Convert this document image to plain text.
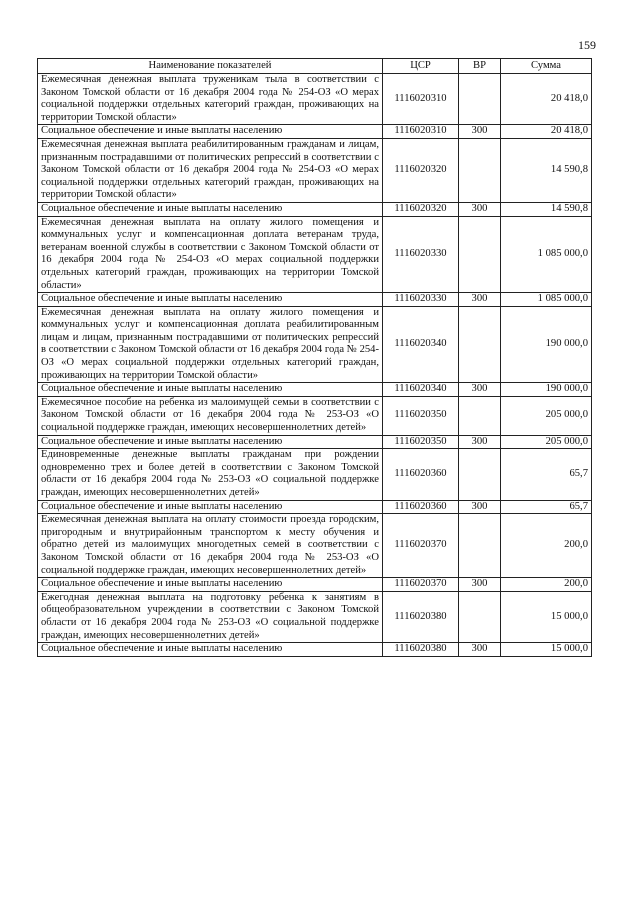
159
Наименование показателей	ЦСР	ВР	Сумма
Ежемесячная денежная выплата труженикам тыла в соответствии с Законом Томской области от 16 декабря 2004 года № 254-ОЗ «О мерах социальной поддержки отдельных категорий граждан, проживающих на территории Томской области»	1116020310		20 418,0
Социальное обеспечение и иные выплаты населению	1116020310	300	20 418,0
Ежемесячная денежная выплата реабилитированным гражданам и лицам, признанным пострадавшими от политических репрессий в соответствии с Законом Томской области от 16 декабря 2004 года № 254-ОЗ «О мерах социальной поддержки отдельных категорий граждан, проживающих на территории Томской области»	1116020320		14 590,8
Социальное обеспечение и иные выплаты населению	1116020320	300	14 590,8
Ежемесячная денежная выплата на оплату жилого помещения и коммунальных услуг и компенсационная доплата ветеранам труда, ветеранам военной службы в соответствии с Законом Томской области от 16 декабря 2004 года № 254-ОЗ «О мерах социальной поддержки отдельных категорий граждан, проживающих на территории Томской области»	1116020330		1 085 000,0
Социальное обеспечение и иные выплаты населению	1116020330	300	1 085 000,0
Ежемесячная денежная выплата на оплату жилого помещения и коммунальных услуг и компенсационная доплата реабилитированным лицам и лицам, признанным пострадавшими от политических репрессий в соответствии с Законом Томской области от 16 декабря 2004 года № 254-ОЗ «О мерах социальной поддержки отдельных категорий граждан, проживающих на территории Томской области»	1116020340		190 000,0
Социальное обеспечение и иные выплаты населению	1116020340	300	190 000,0
Ежемесячное пособие на ребенка из малоимущей семьи в соответствии с Законом Томской области от 16 декабря 2004 года № 253-ОЗ «О социальной поддержке граждан, имеющих несовершеннолетних детей»	1116020350		205 000,0
Социальное обеспечение и иные выплаты населению	1116020350	300	205 000,0
Единовременные денежные выплаты гражданам при рождении одновременно трех и более детей в соответствии с Законом Томской области от 16 декабря 2004 года № 253-ОЗ «О социальной поддержке граждан, имеющих несовершеннолетних детей»	1116020360		65,7
Социальное обеспечение и иные выплаты населению	1116020360	300	65,7
Ежемесячная денежная выплата на оплату стоимости проезда городским, пригородным и внутрирайонным транспортом к месту обучения и обратно детей из малоимущих многодетных семей в соответствии с Законом Томской области от 16 декабря 2004 года № 253-ОЗ «О социальной поддержке граждан, имеющих несовершеннолетних детей»	1116020370		200,0
Социальное обеспечение и иные выплаты населению	1116020370	300	200,0
Ежегодная денежная выплата на подготовку ребенка к занятиям в общеобразовательном учреждении в соответствии с Законом Томской области от 16 декабря 2004 года № 253-ОЗ «О социальной поддержке граждан, имеющих несовершеннолетних детей»	1116020380		15 000,0
Социальное обеспечение и иные выплаты населению	1116020380	300	15 000,0
